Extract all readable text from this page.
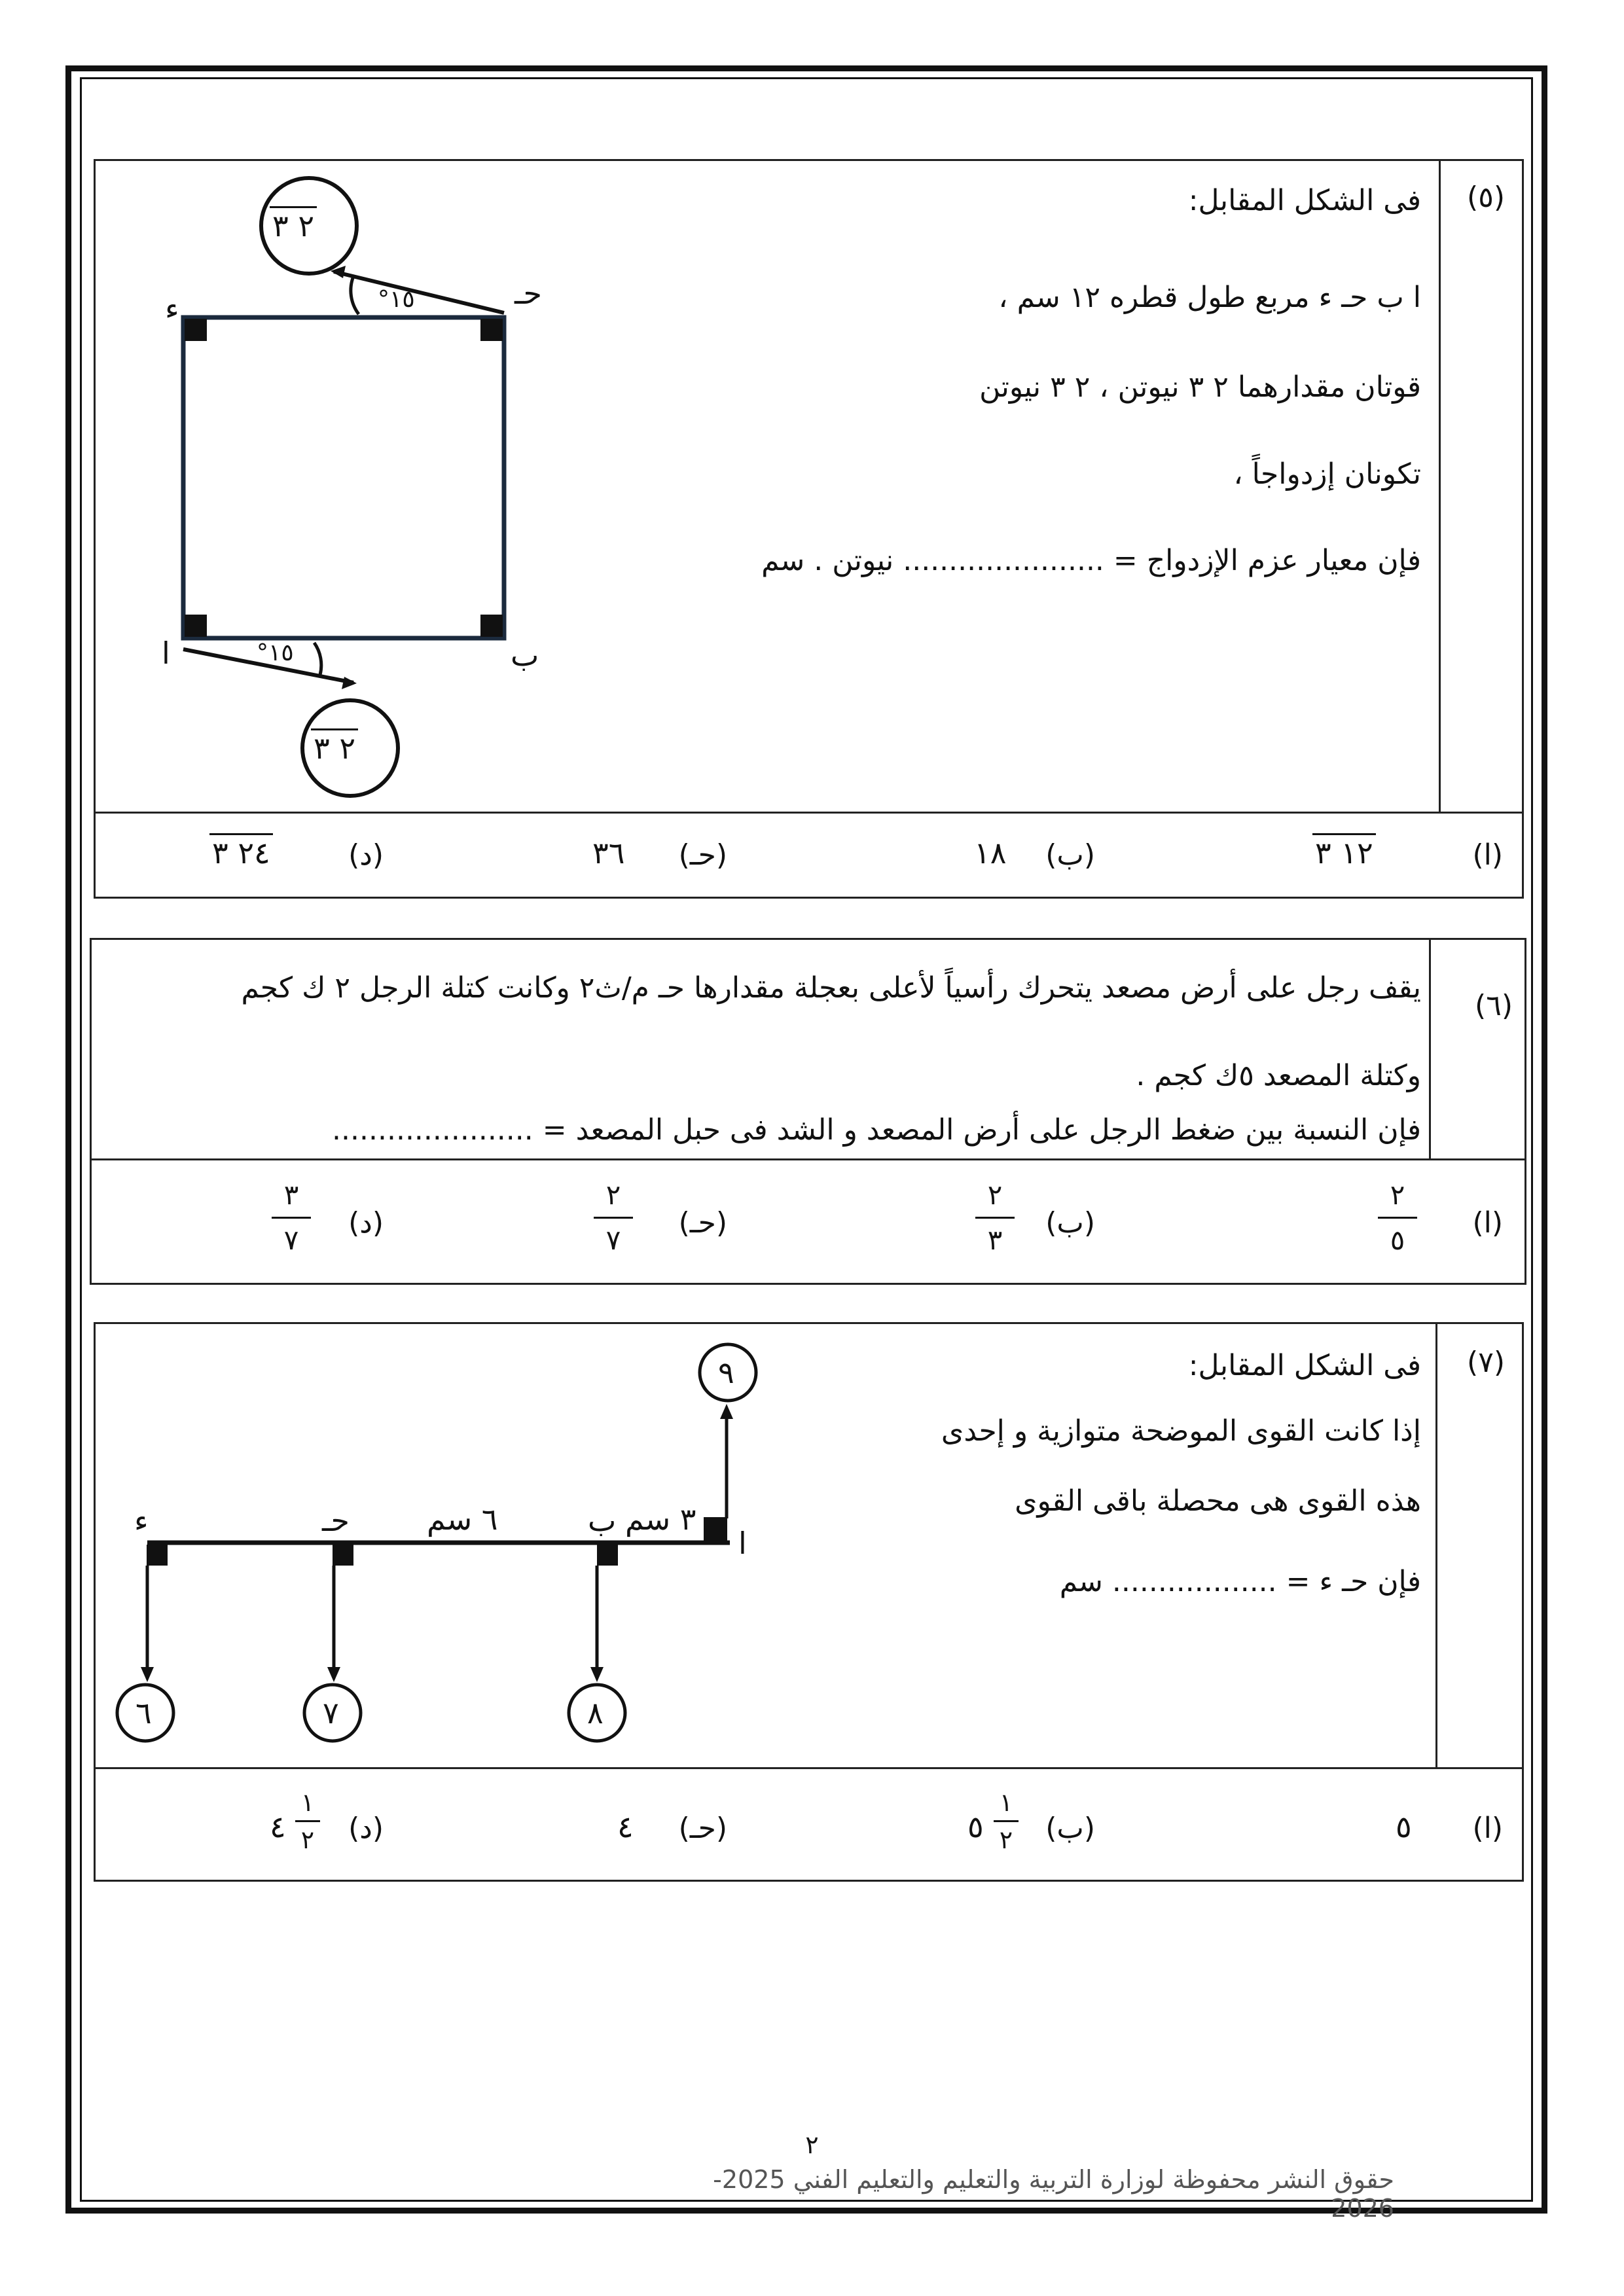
(٥)
فى الشكل المقابل:
ا ب حـ ء مربع طول قطره ١٢ سم ،
قوتان مقدارهما ٢ ٣ نيوتن ، ٢ ٣ نيوتن
تكونان إزدواجاً ،
فإن معيار عزم الإزدواج = ...................... نيوتن . سم
٢ ٣
٢ ٣
١٥°
١٥°
ا	ب
حـ
ء
(ا)
١٢ ٣
(ب)
١٨
(حـ)
٣٦
(د)
٢٤ ٣
(٦)
يقف رجل على أرض مصعد يتحرك رأسياً لأعلى بعجلة مقدارها حـ م/ث٢ وكانت كتلة الرجل ٢ ك كجم
وكتلة المصعد ٥ك كجم .
فإن النسبة بين ضغط الرجل على أرض المصعد و الشد فى حبل المصعد = ......................
(ا)
٢
٥
(ب)
٢
٣
(حـ)
٢
٧
(د)
٣
٧
(٧)
فى الشكل المقابل:
إذا كانت القوى الموضحة متوازية و إحدى
هذه القوى هى محصلة باقى القوى
فإن حـ ء = .................. سم
٩
٨
٧
٦
ا
ب
حـ
ء	٣ سم
٦ سم
(ا)
٥
(ب)
١
٢
٥
(حـ)
٤
(د)
١
٢
٤
٢
حقوق النشر محفوظة لوزارة التربية والتعليم والتعليم الفني 2025-2026
